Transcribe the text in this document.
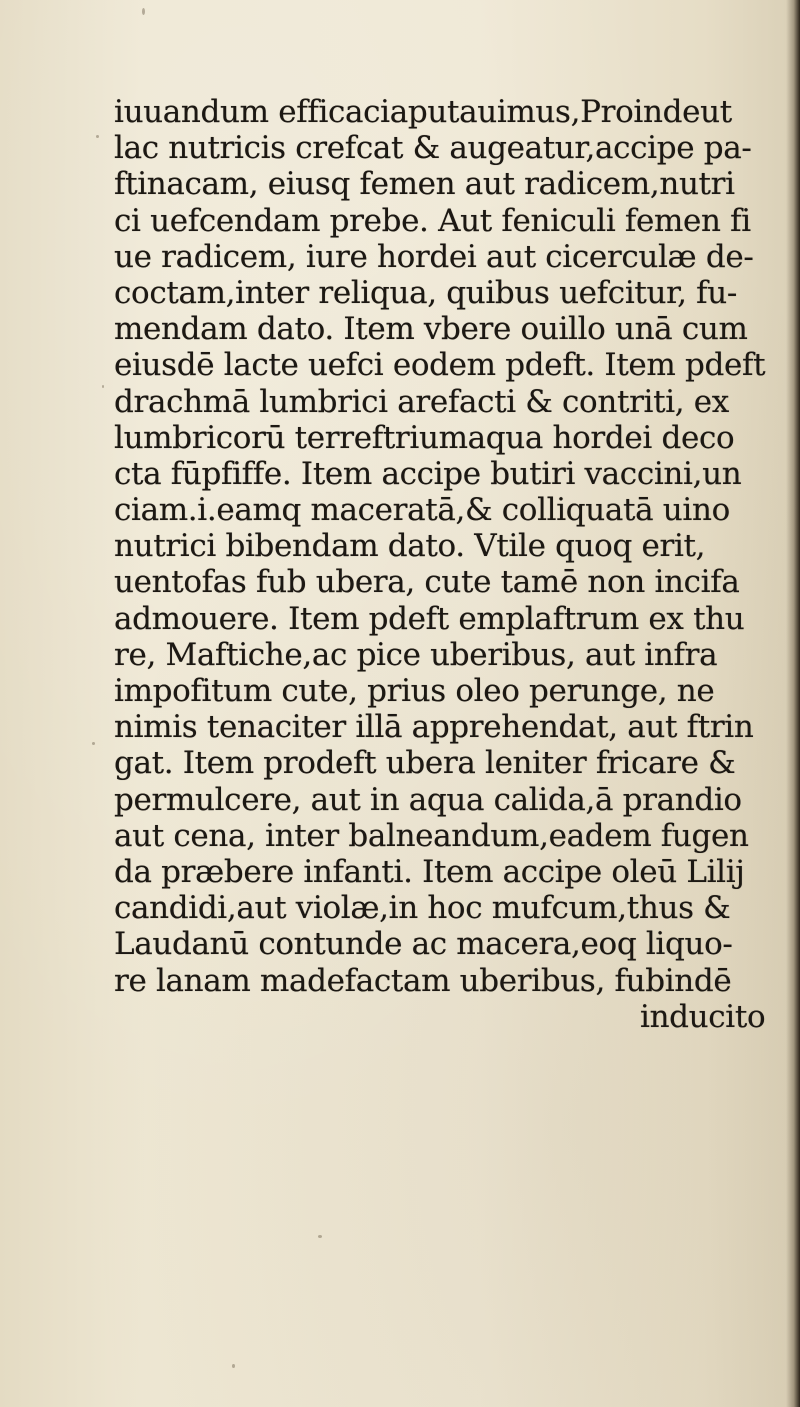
iuuandum efficaciaputauimus,Proindeut
lac nutricis crefcat & augeatur,accipe pa-
ftinacam, eiusq femen aut radicem,nutri
ci uefcendam prebe. Aut feniculi femen fi
ue radicem, iure hordei aut cicerculæ de-
coctam,inter reliqua, quibus uefcitur, fu-
mendam dato. Item vbere ouillo unā cum
eiusdē lacte uefci eodem pdeft. Item pdeft
drachmā lumbrici arefacti & contriti, ex
lumbricorū terreftriumaqua hordei deco
cta fūpfiffe. Item accipe butiri vaccini,un
ciam.i.eamq maceratā,& colliquatā uino
nutrici bibendam dato. Vtile quoq erit,
uentofas fub ubera, cute tamē non incifa
admouere. Item pdeft emplaftrum ex thu
re, Maftiche,ac pice uberibus, aut infra
impofitum cute, prius oleo perunge, ne
nimis tenaciter illā apprehendat, aut ftrin
gat. Item prodeft ubera leniter fricare &
permulcere, aut in aqua calida,ā prandio
aut cena, inter balneandum,eadem fugen
da præbere infanti. Item accipe oleū Lilij
candidi,aut violæ,in hoc mufcum,thus &
Laudanū contunde ac macera,eoq liquo-
re lanam madefactam uberibus, fubindē
inducito
